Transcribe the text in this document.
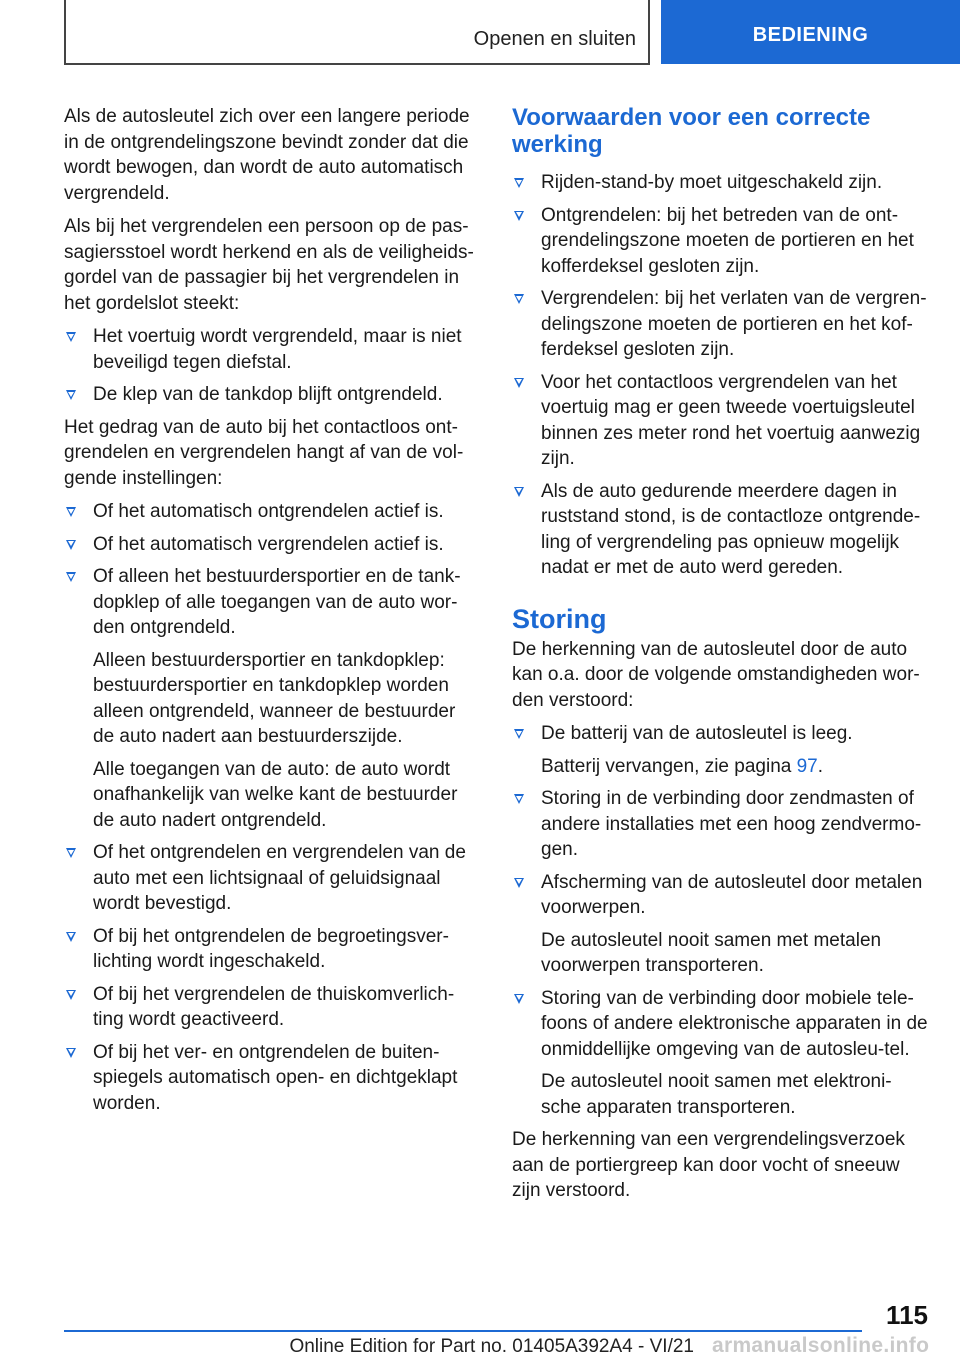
Openen en sluiten	BEDIENING

Als de autosleutel zich over een langere periode in de ontgrendelingszone bevindt zonder dat die wordt bewogen, dan wordt de auto automatisch vergrendeld.

Als bij het vergrendelen een persoon op de pas‐sagiersstoel wordt herkend en als de veiligheids‐gordel van de passagier bij het vergrendelen in het gordelslot steekt:

Het voertuig wordt vergrendeld, maar is niet beveiligd tegen diefstal.

De klep van de tankdop blijft ontgrendeld.

Het gedrag van de auto bij het contactloos ont‐grendelen en vergrendelen hangt af van de vol‐gende instellingen:

Of het automatisch ontgrendelen actief is.

Of het automatisch vergrendelen actief is.

Of alleen het bestuurdersportier en de tank‐dopklep of alle toegangen van de auto wor‐den ontgrendeld.

Alleen bestuurdersportier en tankdopklep: bestuurdersportier en tankdopklep worden alleen ontgrendeld, wanneer de bestuurder de auto nadert aan bestuurderszijde.

Alle toegangen van de auto: de auto wordt onafhankelijk van welke kant de bestuurder de auto nadert ontgrendeld.

Of het ontgrendelen en vergrendelen van de auto met een lichtsignaal of geluidsignaal wordt bevestigd.

Of bij het ontgrendelen de begroetingsver‐lichting wordt ingeschakeld.

Of bij het vergrendelen de thuiskomverlich‐ting wordt geactiveerd.

Of bij het ver- en ontgrendelen de buiten‐spiegels automatisch open- en dichtgeklapt worden.

Voorwaarden voor een correcte werking

Rijden-stand-by moet uitgeschakeld zijn.

Ontgrendelen: bij het betreden van de ont‐grendelingszone moeten de portieren en het kofferdeksel gesloten zijn.

Vergrendelen: bij het verlaten van de vergren‐delingszone moeten de portieren en het kof‐ferdeksel gesloten zijn.

Voor het contactloos vergrendelen van het voertuig mag er geen tweede voertuigsleutel binnen zes meter rond het voertuig aanwezig zijn.

Als de auto gedurende meerdere dagen in ruststand stond, is de contactloze ontgrende‐ling of vergrendeling pas opnieuw mogelijk nadat er met de auto werd gereden.

Storing

De herkenning van de autosleutel door de auto kan o.a. door de volgende omstandigheden wor‐den verstoord:

De batterij van de autosleutel is leeg.

Batterij vervangen, zie pagina 97.

Storing in de verbinding door zendmasten of andere installaties met een hoog zendvermo‐gen.

Afscherming van de autosleutel door metalen voorwerpen.

De autosleutel nooit samen met metalen voorwerpen transporteren.

Storing van de verbinding door mobiele tele‐foons of andere elektronische apparaten in de onmiddellijke omgeving van de autosleu‐tel.

De autosleutel nooit samen met elektroni‐sche apparaten transporteren.

De herkenning van een vergrendelingsverzoek aan de portiergreep kan door vocht of sneeuw zijn verstoord.

115
Online Edition for Part no. 01405A392A4 - VI/21 armanualsonline.info
